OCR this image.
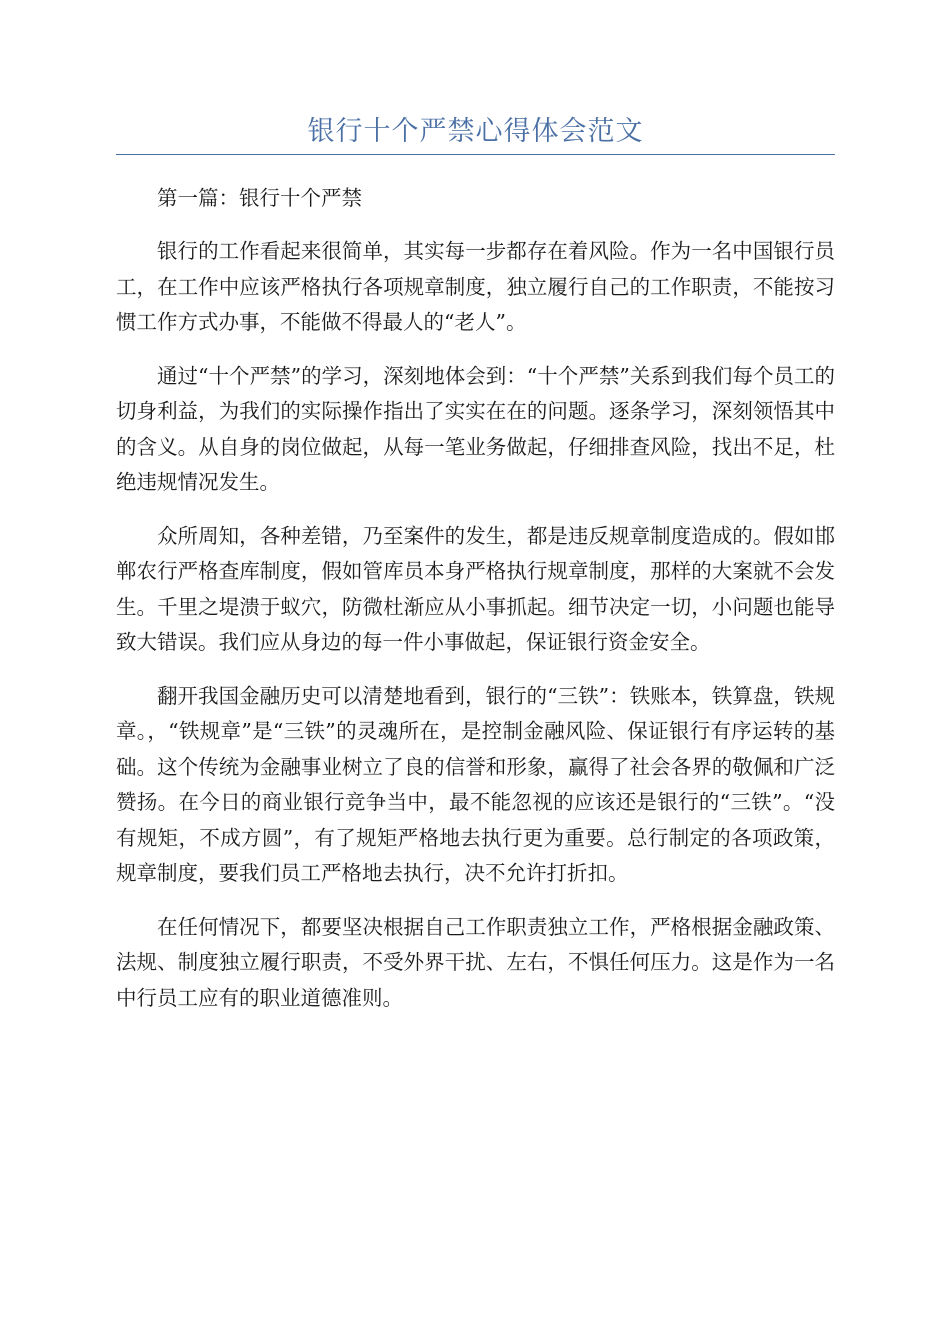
银行十个严禁心得体会范文

第一篇：银行十个严禁

银行的工作看起来很简单，其实每一步都存在着风险。作为一名中国银行员工，在工作中应该严格执行各项规章制度，独立履行自己的工作职责，不能按习惯工作方式办事，不能做不得最人的“老人”。

通过“十个严禁”的学习，深刻地体会到：“十个严禁”关系到我们每个员工的切身利益，为我们的实际操作指出了实实在在的问题。逐条学习，深刻领悟其中的含义。从自身的岗位做起，从每一笔业务做起，仔细排查风险，找出不足，杜绝违规情况发生。

众所周知，各种差错，乃至案件的发生，都是违反规章制度造成的。假如邯郸农行严格查库制度，假如管库员本身严格执行规章制度，那样的大案就不会发生。千里之堤溃于蚁穴，防微杜渐应从小事抓起。细节决定一切，小问题也能导致大错误。我们应从身边的每一件小事做起，保证银行资金安全。

翻开我国金融历史可以清楚地看到，银行的“三铁”：铁账本，铁算盘，铁规章。，“铁规章”是“三铁”的灵魂所在，是控制金融风险、保证银行有序运转的基础。这个传统为金融事业树立了良的信誉和形象，赢得了社会各界的敬佩和广泛赞扬。在今日的商业银行竞争当中，最不能忽视的应该还是银行的“三铁”。“没有规矩，不成方圆”，有了规矩严格地去执行更为重要。总行制定的各项政策，规章制度，要我们员工严格地去执行，决不允许打折扣。

在任何情况下，都要坚决根据自己工作职责独立工作，严格根据金融政策、法规、制度独立履行职责，不受外界干扰、左右，不惧任何压力。这是作为一名中行员工应有的职业道德准则。
